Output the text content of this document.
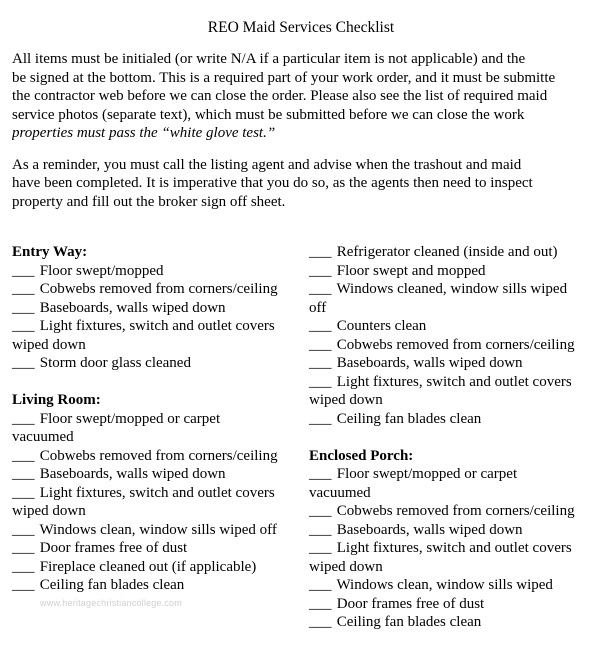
REO Maid Services Checklist
All items must be initialed (or write N/A if a particular item is not applicable) and the
be signed at the bottom. This is a required part of your work order, and it must be submitte
the contractor web before we can close the order. Please also see the list of required maid
service photos (separate text), which must be submitted before we can close the work
properties must pass the “white glove test.”
As a reminder, you must call the listing agent and advise when the trashout and maid
have been completed. It is imperative that you do so, as the agents then need to inspect
property and fill out the broker sign off sheet.
Entry Way:
___ Floor swept/mopped
___ Cobwebs removed from corners/ceiling
___ Baseboards, walls wiped down
___ Light fixtures, switch and outlet covers
wiped down
___ Storm door glass cleaned
Living Room:
___ Floor swept/mopped or carpet
vacuumed
___ Cobwebs removed from corners/ceiling
___ Baseboards, walls wiped down
___ Light fixtures, switch and outlet covers
wiped down
___ Windows clean, window sills wiped off
___ Door frames free of dust
___ Fireplace cleaned out (if applicable)
___ Ceiling fan blades clean
___ Refrigerator cleaned (inside and out)
___ Floor swept and mopped
___ Windows cleaned, window sills wiped
off
___ Counters clean
___ Cobwebs removed from corners/ceiling
___ Baseboards, walls wiped down
___ Light fixtures, switch and outlet covers
wiped down
___ Ceiling fan blades clean
Enclosed Porch:
___ Floor swept/mopped or carpet
vacuumed
___ Cobwebs removed from corners/ceiling
___ Baseboards, walls wiped down
___ Light fixtures, switch and outlet covers
wiped down
___ Windows clean, window sills wiped
___ Door frames free of dust
___ Ceiling fan blades clean
www.heritagechristiancollege.com
